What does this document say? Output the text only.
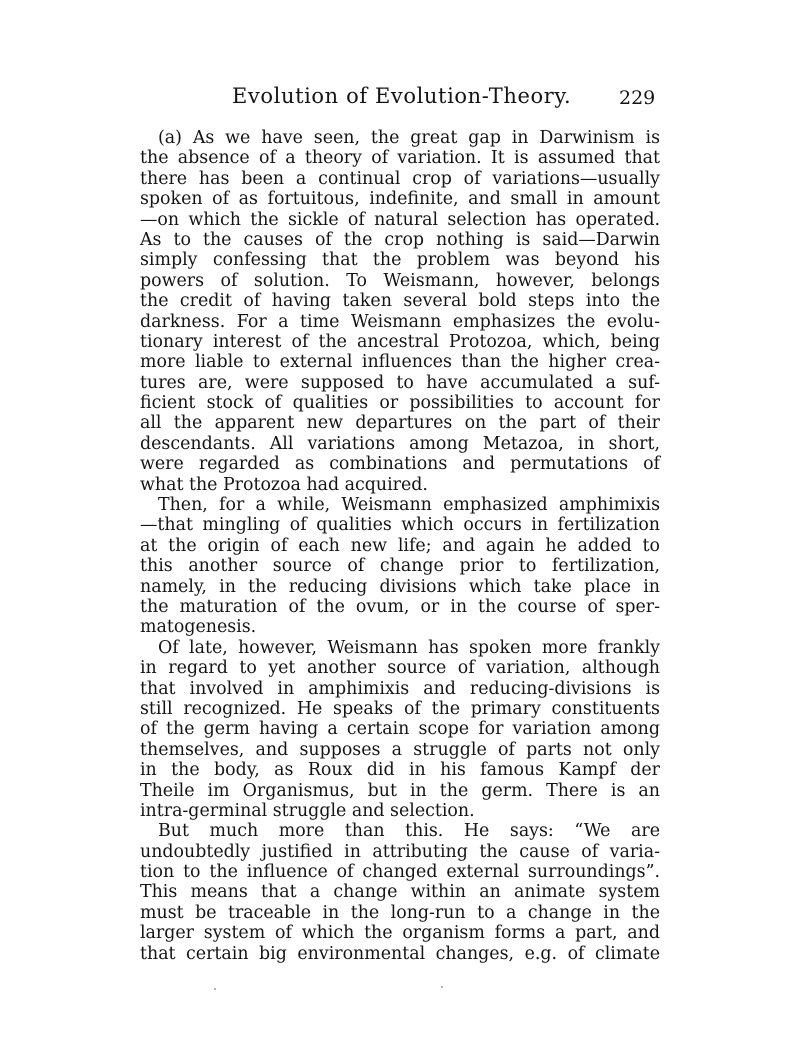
Evolution of Evolution-Theory.	229
(a) As we have seen, the great gap in Darwinism is
the absence of a theory of variation. It is assumed that
there has been a continual crop of variations—usually
spoken of as fortuitous, indefinite, and small in amount
—on which the sickle of natural selection has operated.
As to the causes of the crop nothing is said—Darwin
simply confessing that the problem was beyond his
powers of solution. To Weismann, however, belongs
the credit of having taken several bold steps into the
darkness. For a time Weismann emphasizes the evolu-
tionary interest of the ancestral Protozoa, which, being
more liable to external influences than the higher crea-
tures are, were supposed to have accumulated a suf-
ficient stock of qualities or possibilities to account for
all the apparent new departures on the part of their
descendants. All variations among Metazoa, in short,
were regarded as combinations and permutations of
what the Protozoa had acquired.
Then, for a while, Weismann emphasized amphimixis
—that mingling of qualities which occurs in fertilization
at the origin of each new life; and again he added to
this another source of change prior to fertilization,
namely, in the reducing divisions which take place in
the maturation of the ovum, or in the course of sper-
matogenesis.
Of late, however, Weismann has spoken more frankly
in regard to yet another source of variation, although
that involved in amphimixis and reducing-divisions is
still recognized. He speaks of the primary constituents
of the germ having a certain scope for variation among
themselves, and supposes a struggle of parts not only
in the body, as Roux did in his famous Kampf der
Theile im Organismus, but in the germ. There is an
intra-germinal struggle and selection.
But much more than this. He says: “We are
undoubtedly justified in attributing the cause of varia-
tion to the influence of changed external surroundings”.
This means that a change within an animate system
must be traceable in the long-run to a change in the
larger system of which the organism forms a part, and
that certain big environmental changes, e.g. of climate
